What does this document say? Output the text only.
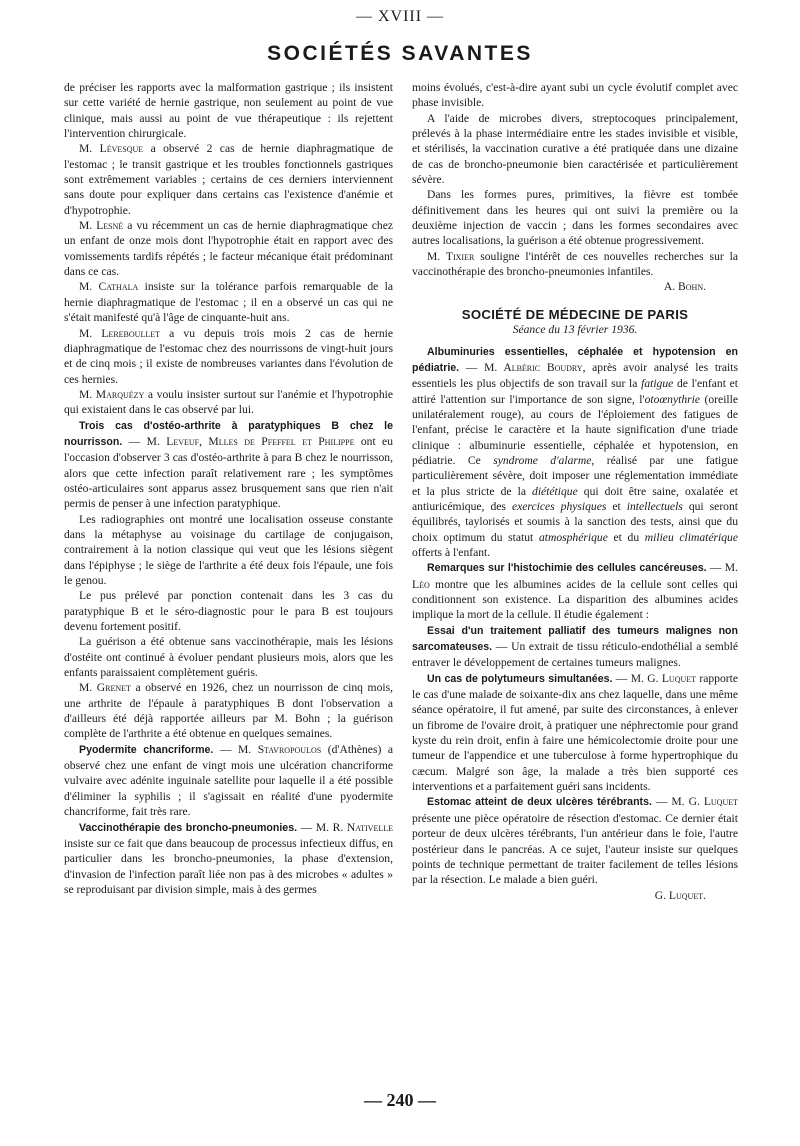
— XVIII —
SOCIÉTÉS SAVANTES

de préciser les rapports avec la malformation gastrique ; ils insistent sur cette variété de hernie gastrique, non seulement au point de vue clinique, mais aussi au point de vue thérapeutique : ils rejettent l'intervention chirurgicale.

M. Lévesque a observé 2 cas de hernie diaphragmatique de l'estomac ; le transit gastrique et les troubles fonctionnels gastriques sont extrêmement variables ; certains de ces derniers interviennent sans doute pour expliquer dans certains cas l'existence d'anémie et d'hypotrophie.

M. Lesné a vu récemment un cas de hernie diaphragmatique chez un enfant de onze mois dont l'hypotrophie était en rapport avec des vomissements tardifs répétés ; le facteur mécanique était prédominant dans ce cas.

M. Cathala insiste sur la tolérance parfois remarquable de la hernie diaphragmatique de l'estomac ; il en a observé un cas qui ne s'était manifesté qu'à l'âge de cinquante-huit ans.

M. Lereboullet a vu depuis trois mois 2 cas de hernie diaphragmatique de l'estomac chez des nourrissons de vingt-huit jours et de cinq mois ; il existe de nombreuses variantes dans l'évolution de ces hernies.

M. Marquézy a voulu insister surtout sur l'anémie et l'hypotrophie qui existaient dans le cas observé par lui.

Trois cas d'ostéo-arthrite à paratyphiques B chez le nourrisson. — M. Leveuf, Mlles de Pfeffel et Philippe ont eu l'occasion d'observer 3 cas d'ostéo-arthrite à para B chez le nourrisson, alors que cette infection paraît relativement rare ; les symptômes ostéo-articulaires sont apparus assez brusquement sans que rien n'ait permis de penser à une infection paratyphique.

Les radiographies ont montré une localisation osseuse constante dans la métaphyse au voisinage du cartilage de conjugaison, contrairement à la notion classique qui veut que les lésions siègent dans l'épiphyse ; le siège de l'arthrite a été deux fois l'épaule, une fois le genou.

Le pus prélevé par ponction contenait dans les 3 cas du paratyphique B et le séro-diagnostic pour le para B est toujours devenu fortement positif.

La guérison a été obtenue sans vaccinothérapie, mais les lésions d'ostéite ont continué à évoluer pendant plusieurs mois, alors que les enfants paraissaient complètement guéris.

M. Grenet a observé en 1926, chez un nourrisson de cinq mois, une arthrite de l'épaule à paratyphiques B dont l'observation a d'ailleurs été déjà rapportée ailleurs par M. Bohn ; la guérison complète de l'arthrite a été obtenue en quelques semaines.

Pyodermite chancriforme. — M. Stavropoulos (d'Athènes) a observé chez une enfant de vingt mois une ulcération chancriforme vulvaire avec adénite inguinale satellite pour laquelle il a été possible d'éliminer la syphilis ; il s'agissait en réalité d'une pyodermite chancriforme, fait très rare.

Vaccinothérapie des broncho-pneumonies. — M. R. Nativelle insiste sur ce fait que dans beaucoup de processus infectieux diffus, en particulier dans les broncho-pneumonies, la phase d'extension, d'invasion de l'infection paraît liée non pas à des microbes « adultes » se reproduisant par division simple, mais à des germes

moins évolués, c'est-à-dire ayant subi un cycle évolutif complet avec phase invisible.

A l'aide de microbes divers, streptocoques principalement, prélevés à la phase intermédiaire entre les stades invisible et visible, et stérilisés, la vaccination curative a été pratiquée dans une dizaine de cas de broncho-pneumonie bien caractérisée et particulièrement sévère.

Dans les formes pures, primitives, la fièvre est tombée définitivement dans les heures qui ont suivi la première ou la deuxième injection de vaccin ; dans les formes secondaires avec autres localisations, la guérison a été obtenue progressivement.

M. Tixier souligne l'intérêt de ces nouvelles recherches sur la vaccinothérapie des broncho-pneumonies infantiles.

A. Bohn.

SOCIÉTÉ DE MÉDECINE DE PARIS
Séance du 13 février 1936.

Albuminuries essentielles, céphalée et hypotension en pédiatrie. — M. Albéric Boudry, après avoir analysé les traits essentiels les plus objectifs de son travail sur la fatigue de l'enfant et attiré l'attention sur l'importance de son signe, l'otoœnythrie (oreille unilatéralement rouge), au cours de l'éploiement des fatigues de l'enfant, précise le caractère et la haute signification d'une triade clinique : albuminurie essentielle, céphalée et hypotension, en pédiatrie. Ce syndrome d'alarme, réalisé par une fatigue particulièrement sévère, doit imposer une réglementation immédiate et la plus stricte de la diététique qui doit être saine, oxalatée et antiuricémique, des exercices physiques et intellectuels qui seront équilibrés, taylorisés et soumis à la sanction des tests, ainsi que du choix optimum du statut atmosphérique et du milieu climatérique offerts à l'enfant.

Remarques sur l'histochimie des cellules cancéreuses. — M. Léo montre que les albumines acides de la cellule sont celles qui conditionnent son existence. La disparition des albumines acides implique la mort de la cellule. Il étudie également :

Essai d'un traitement palliatif des tumeurs malignes non sarcomateuses. — Un extrait de tissu réticulo-endothélial a semblé entraver le développement de certaines tumeurs malignes.

Un cas de polytumeurs simultanées. — M. G. Luquet rapporte le cas d'une malade de soixante-dix ans chez laquelle, dans une même séance opératoire, il fut amené, par suite des circonstances, à enlever un fibrome de l'ovaire droit, à pratiquer une néphrectomie pour grand kyste du rein droit, enfin à faire une hémicolectomie droite pour une tumeur de l'appendice et une tuberculose à forme hypertrophique du cæcum. Malgré son âge, la malade a très bien supporté ces interventions et a parfaitement guéri sans incidents.

Estomac atteint de deux ulcères térébrants. — M. G. Luquet présente une pièce opératoire de résection d'estomac. Ce dernier était porteur de deux ulcères térébrants, l'un antérieur dans le foie, l'autre postérieur dans le pancréas. A ce sujet, l'auteur insiste sur quelques points de technique permettant de traiter facilement de telles lésions par la résection. Le malade a bien guéri.

G. Luquet.

— 240 —
